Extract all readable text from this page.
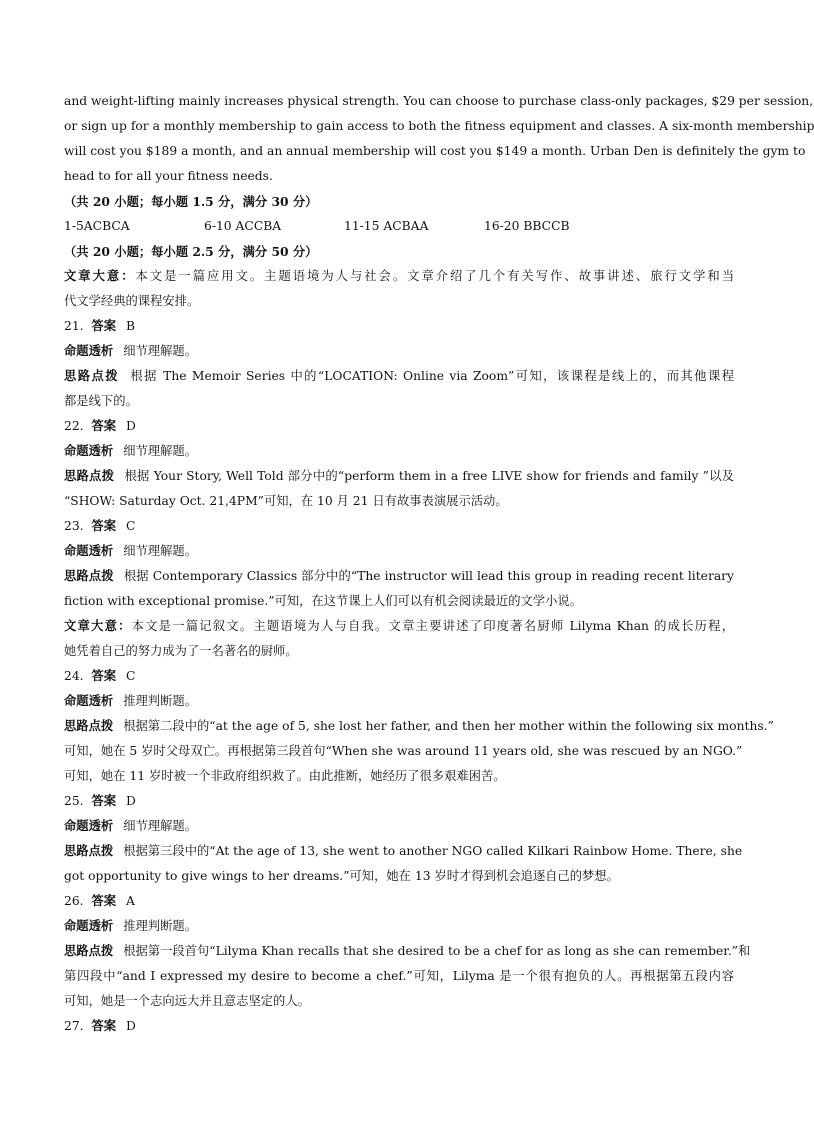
and weight-lifting mainly increases physical strength. You can choose to purchase class-only packages, $29 per session,
or sign up for a monthly membership to gain access to both the fitness equipment and classes. A six-month membership
will cost you $189 a month, and an annual membership will cost you $149 a month. Urban Den is definitely the gym to
head to for all your fitness needs.
（共 20 小题；每小题 1.5 分，满分 30 分）
1-5ACBCA	6-10 ACCBA	11-15 ACBAA	16-20 BBCCB
（共 20 小题；每小题 2.5 分，满分 50 分）
文章大意：本文是一篇应用文。主题语境为人与社会。文章介绍了几个有关写作、故事讲述、旅行文学和当
代文学经典的课程安排。
21. 答案 B
命题透析 细节理解题。
思路点拨 根据 The Memoir Series 中的“LOCATION: Online via Zoom”可知，该课程是线上的，而其他课程
都是线下的。
22. 答案 D
命题透析 细节理解题。
思路点拨 根据 Your Story, Well Told 部分中的“perform them in a free LIVE show for friends and family ”以及
“SHOW: Saturday Oct. 21,4PM”可知，在 10 月 21 日有故事表演展示活动。
23. 答案 C
命题透析 细节理解题。
思路点拨 根据 Contemporary Classics 部分中的“The instructor will lead this group in reading recent literary
fiction with exceptional promise.”可知，在这节课上人们可以有机会阅读最近的文学小说。
文章大意：本文是一篇记叙文。主题语境为人与自我。文章主要讲述了印度著名厨师 Lilyma Khan 的成长历程，
她凭着自己的努力成为了一名著名的厨师。
24. 答案 C
命题透析 推理判断题。
思路点拨 根据第二段中的“at the age of 5, she lost her father, and then her mother within the following six months.”
可知，她在 5 岁时父母双亡。再根据第三段首句“When she was around 11 years old, she was rescued by an NGO.”
可知，她在 11 岁时被一个非政府组织救了。由此推断，她经历了很多艰难困苦。
25. 答案 D
命题透析 细节理解题。
思路点拨 根据第三段中的“At the age of 13, she went to another NGO called Kilkari Rainbow Home. There, she
got opportunity to give wings to her dreams.”可知，她在 13 岁时才得到机会追逐自己的梦想。
26. 答案 A
命题透析 推理判断题。
思路点拨 根据第一段首句“Lilyma Khan recalls that she desired to be a chef for as long as she can remember.”和
第四段中“and I expressed my desire to become a chef.”可知，Lilyma 是一个很有抱负的人。再根据第五段内容
可知，她是一个志向远大并且意志坚定的人。
27. 答案 D
